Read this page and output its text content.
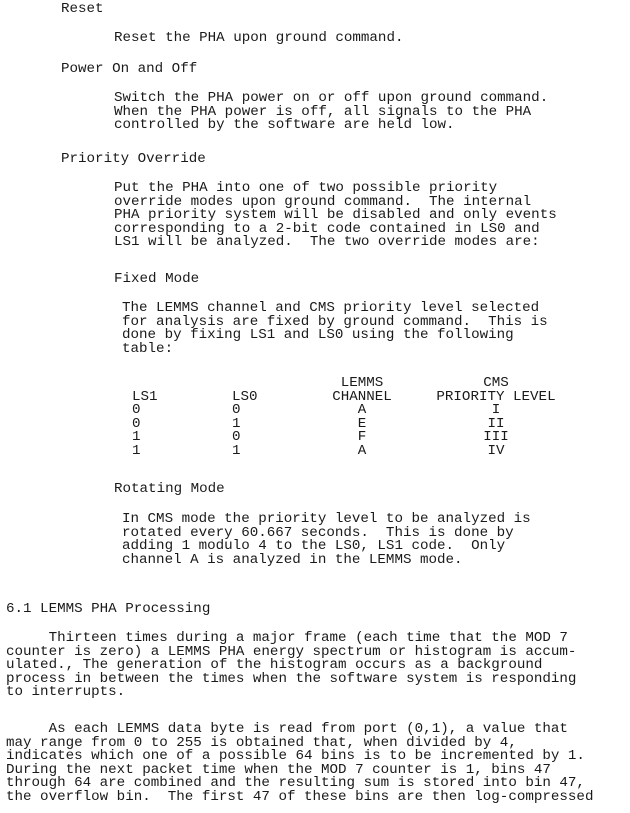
Reset
Reset the PHA upon ground command.
Power On and Off
Switch the PHA power on or off upon ground command.
When the PHA power is off, all signals to the PHA
controlled by the software are held low.
Priority Override
Put the PHA into one of two possible priority
override modes upon ground command.  The internal
PHA priority system will be disabled and only events
corresponding to a 2-bit code contained in LS0 and
LS1 will be analyzed.  The two override modes are:
Fixed Mode
The LEMMS channel and CMS priority level selected
for analysis are fixed by ground command.  This is
done by fixing LS1 and LS0 using the following
table:
LEMMS	CMS
LS1	LS0	CHANNEL	PRIORITY LEVEL
0	0	A	I
0	1	E	II
1	0	F	III
1	1	A	IV
Rotating Mode
In CMS mode the priority level to be analyzed is
rotated every 60.667 seconds.  This is done by
adding 1 modulo 4 to the LS0, LS1 code.  Only
channel A is analyzed in the LEMMS mode.
6.1 LEMMS PHA Processing
Thirteen times during a major frame (each time that the MOD 7
counter is zero) a LEMMS PHA energy spectrum or histogram is accum-
ulated., The generation of the histogram occurs as a background
process in between the times when the software system is responding
to interrupts.
As each LEMMS data byte is read from port (0,1), a value that
may range from 0 to 255 is obtained that, when divided by 4,
indicates which one of a possible 64 bins is to be incremented by 1.
During the next packet time when the MOD 7 counter is 1, bins 47
through 64 are combined and the resulting sum is stored into bin 47,
the overflow bin.  The first 47 of these bins are then log-compressed
